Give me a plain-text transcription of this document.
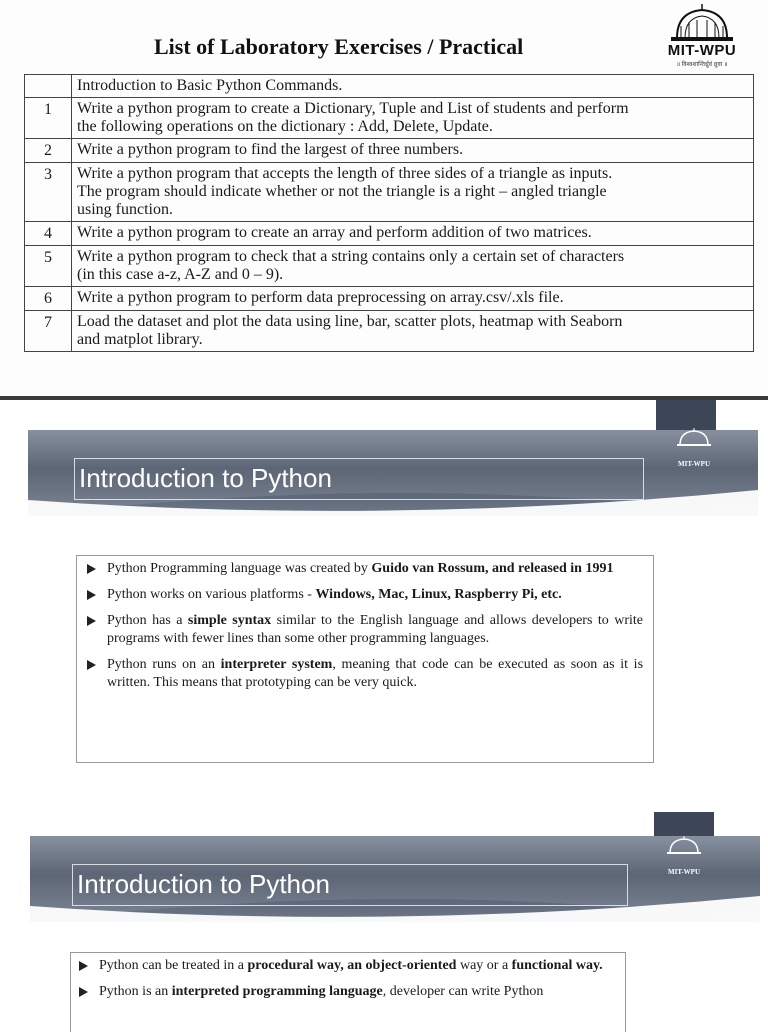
List of Laboratory Exercises / Practical	MIT-WPU
॥ विश्वशान्तिर्ध्रुवं ध्रुवा ॥

	Introduction to Basic Python Commands.

1	Write a python program to create a Dictionary, Tuple and List of students and perform
the following operations on the dictionary : Add, Delete, Update.

2	Write a python program to find the largest of three numbers.

3	Write a python program that accepts the length of three sides of a triangle as inputs.
The program should indicate whether or not the triangle is a right – angled triangle
using function.

4	Write a python program to create an array and perform addition of two matrices.

5	Write a python program to check that a string contains only a certain set of characters
(in this case a-z, A-Z and 0 – 9).

6	Write a python program to perform data preprocessing on array.csv/.xls file.

7	Load the dataset and plot the data using line, bar, scatter plots, heatmap with Seaborn
and matplot library.
MIT-WPU
Introduction to Python
Python Programming language was created by Guido van Rossum, and released in 1991
Python works on various platforms - Windows, Mac, Linux, Raspberry Pi, etc.
Python has a simple syntax similar to the English language and allows developers to write programs with fewer lines than some other programming languages.
Python runs on an interpreter system, meaning that code can be executed as soon as it is written. This means that prototyping can be very quick.
MIT-WPU
Introduction to Python
Python can be treated in a procedural way, an object-oriented way or a functional way.
Python is an interpreted programming language, developer can write Python
